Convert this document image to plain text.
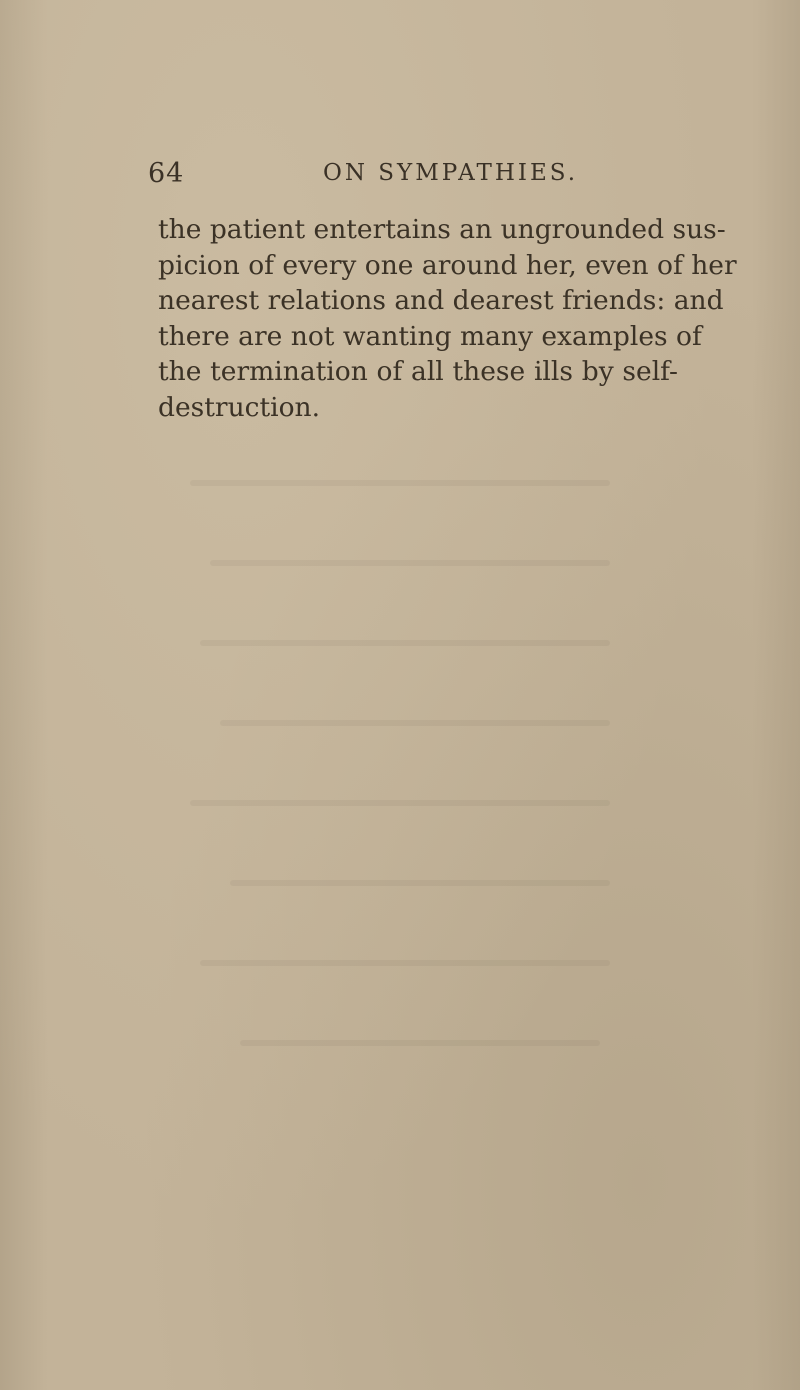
64	ON SYMPATHIES.
the patient entertains an ungrounded sus-
picion of every one around her, even of her
nearest relations and dearest friends: and
there are not wanting many examples of
the termination of all these ills by self-
destruction.
